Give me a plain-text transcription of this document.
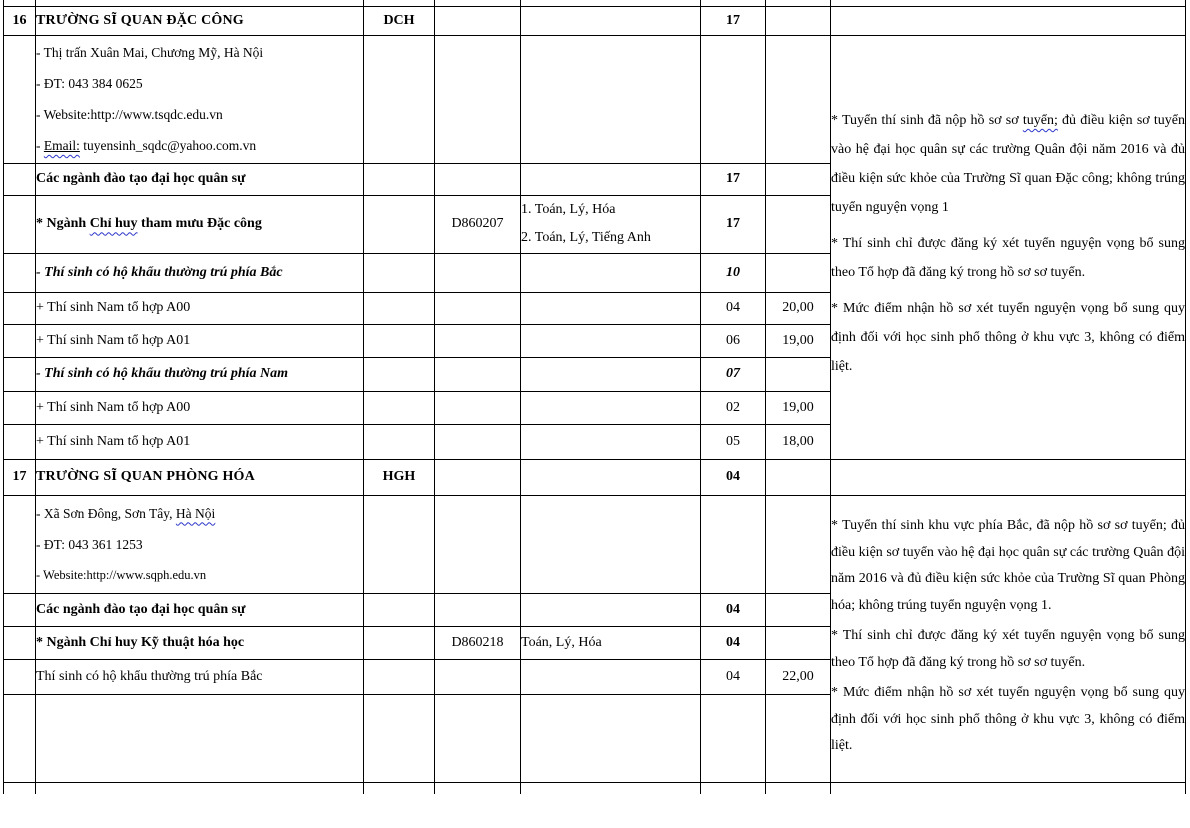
16	TRƯỜNG SĨ QUAN ĐẶC CÔNG	DCH			17		

- Thị trấn Xuân Mai, Chương Mỹ, Hà Nội
- ĐT: 043 384 0625
- Website:http://www.tsqdc.edu.vn
- Email: tuyensinh_sqdc@yahoo.com.vn

* Tuyển thí sinh đã nộp hồ sơ sơ tuyển; đủ điều kiện sơ tuyển vào hệ đại học quân sự các trường Quân đội năm 2016 và đủ điều kiện sức khỏe của Trường Sĩ quan Đặc công; không trúng tuyển nguyện vọng 1

* Thí sinh chỉ được đăng ký xét tuyển nguyện vọng bổ sung theo Tổ hợp đã đăng ký trong hồ sơ sơ tuyển.

* Mức điểm nhận hồ sơ xét tuyển nguyện vọng bổ sung quy định đối với học sinh phổ thông ở khu vực 3, không có điểm liệt.

	Các ngành đào tạo đại học quân sự				17		
	* Ngành Chỉ huy tham mưu Đặc công		D860207	1. Toán, Lý, Hóa
2. Toán, Lý, Tiếng Anh	17		
	- Thí sinh có hộ khẩu thường trú phía Bắc				10		
	+ Thí sinh Nam tổ hợp A00				04	20,00	
	+ Thí sinh Nam tổ hợp A01				06	19,00	
	- Thí sinh có hộ khẩu thường trú phía Nam				07		
	+ Thí sinh Nam tổ hợp A00				02	19,00	
	+ Thí sinh Nam tổ hợp A01				05	18,00	
17	TRƯỜNG SĨ QUAN PHÒNG HÓA	HGH			04		

- Xã Sơn Đông, Sơn Tây, Hà Nội
- ĐT: 043 361 1253
- Website:http://www.sqph.edu.vn

* Tuyển thí sinh khu vực phía Bắc, đã nộp hồ sơ sơ tuyển; đủ điều kiện sơ tuyển vào hệ đại học quân sự các trường Quân đội năm 2016 và đủ điều kiện sức khỏe của Trường Sĩ quan Phòng hóa; không trúng tuyển nguyện vọng 1.

* Thí sinh chỉ được đăng ký xét tuyển nguyện vọng bổ sung theo Tổ hợp đã đăng ký trong hồ sơ sơ tuyển.

* Mức điểm nhận hồ sơ xét tuyển nguyện vọng bổ sung quy định đối với học sinh phổ thông ở khu vực 3, không có điểm liệt.

	Các ngành đào tạo đại học quân sự				04		
	* Ngành Chỉ huy Kỹ thuật hóa học		D860218	Toán, Lý, Hóa	04		
	Thí sinh có hộ khẩu thường trú phía Bắc				04	22,00	
